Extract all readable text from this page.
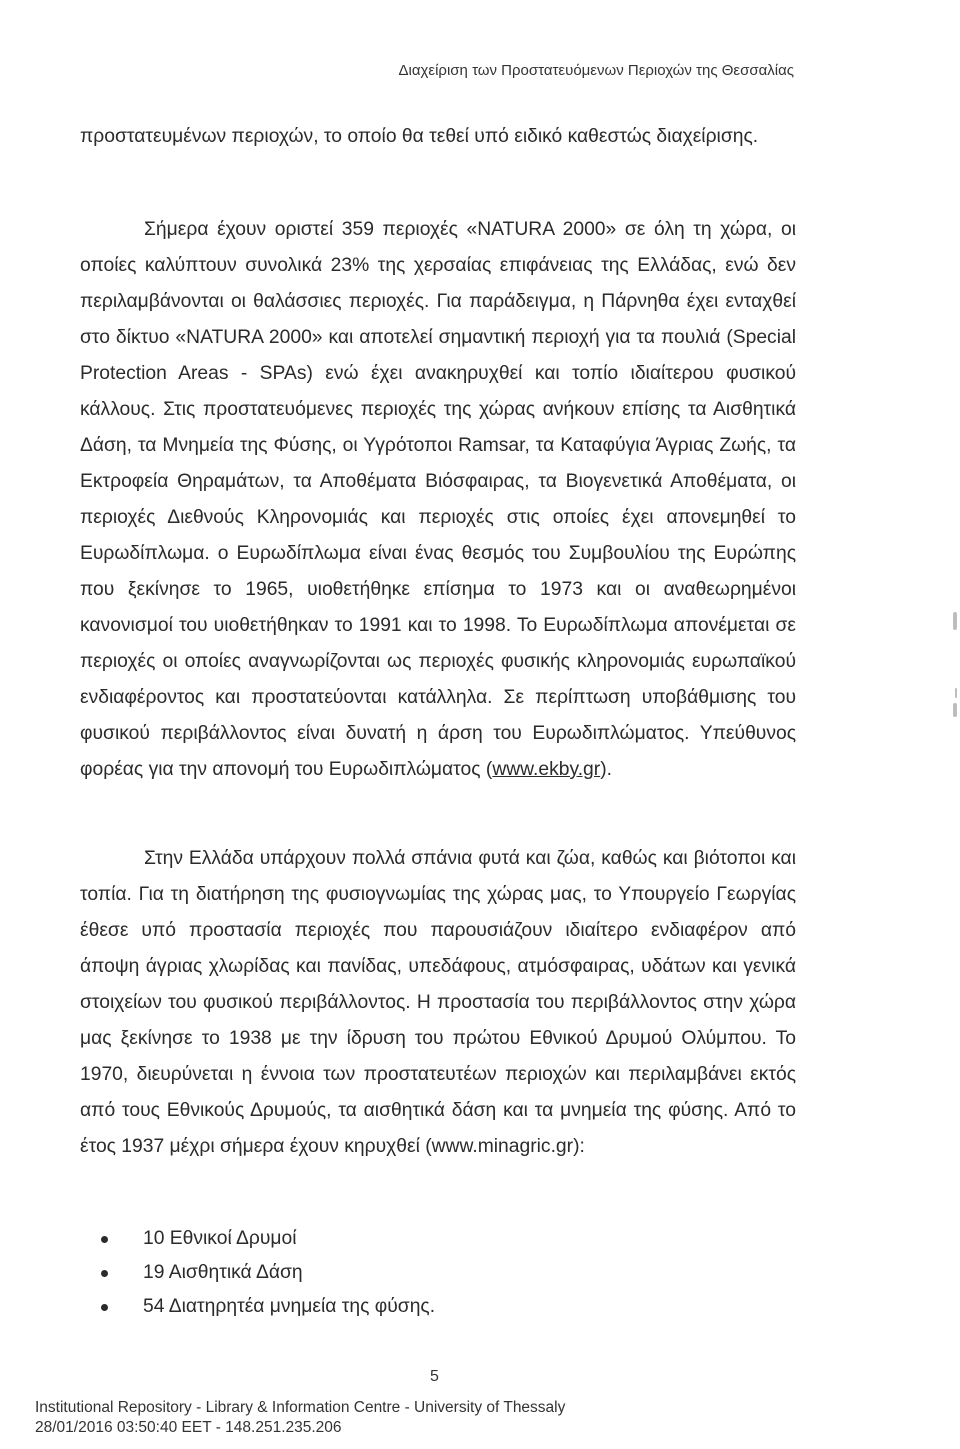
Διαχείριση των Προστατευόμενων Περιοχών της Θεσσαλίας

προστατευμένων περιοχών, το οποίο θα τεθεί υπό ειδικό καθεστώς διαχείρισης.

Σήμερα έχουν οριστεί 359 περιοχές «NATURA 2000» σε όλη τη χώρα, οι οποίες καλύπτουν συνολικά 23% της χερσαίας επιφάνειας της Ελλάδας, ενώ δεν περιλαμβάνονται οι θαλάσσιες περιοχές. Για παράδειγμα, η Πάρνηθα έχει ενταχθεί στο δίκτυο «NATURA 2000» και αποτελεί σημαντική περιοχή για τα πουλιά (Special Protection Areas - SPAs) ενώ έχει ανακηρυχθεί και τοπίο ιδιαίτερου φυσικού κάλλους. Στις προστατευόμενες περιοχές της χώρας ανήκουν επίσης τα Αισθητικά Δάση, τα Μνημεία της Φύσης, οι Υγρότοποι Ramsar, τα Καταφύγια Άγριας Ζωής, τα Εκτροφεία Θηραμάτων, τα Αποθέματα Βιόσφαιρας, τα Βιογενετικά Αποθέματα, οι περιοχές Διεθνούς Κληρονομιάς και περιοχές στις οποίες έχει απονεμηθεί το Ευρωδίπλωμα. ο Ευρωδίπλωμα είναι ένας θεσμός του Συμβουλίου της Ευρώπης που ξεκίνησε το 1965, υιοθετήθηκε επίσημα το 1973 και οι αναθεωρημένοι κανονισμοί του υιοθετήθηκαν το 1991 και το 1998. Το Ευρωδίπλωμα απονέμεται σε περιοχές οι οποίες αναγνωρίζονται ως περιοχές φυσικής κληρονομιάς ευρωπαϊκού ενδιαφέροντος και προστατεύονται κατάλληλα. Σε περίπτωση υποβάθμισης του φυσικού περιβάλλοντος είναι δυνατή η άρση του Ευρωδιπλώματος. Υπεύθυνος φορέας για την απονομή του Ευρωδιπλώματος (www.ekby.gr).

Στην Ελλάδα υπάρχουν πολλά σπάνια φυτά και ζώα, καθώς και βιότοποι και τοπία. Για τη διατήρηση της φυσιογνωμίας της χώρας μας, το Υπουργείο Γεωργίας έθεσε υπό προστασία περιοχές που παρουσιάζουν ιδιαίτερο ενδιαφέρον από άποψη άγριας χλωρίδας και πανίδας, υπεδάφους, ατμόσφαιρας, υδάτων και γενικά στοιχείων του φυσικού περιβάλλοντος. Η προστασία του περιβάλλοντος στην χώρα μας ξεκίνησε το 1938 με την ίδρυση του πρώτου Εθνικού Δρυμού Ολύμπου. Το 1970, διευρύνεται η έννοια των προστατευτέων περιοχών και περιλαμβάνει εκτός από τους Εθνικούς Δρυμούς, τα αισθητικά δάση και τα μνημεία της φύσης. Από το έτος 1937 μέχρι σήμερα έχουν κηρυχθεί (www.minagric.gr):

10 Εθνικοί Δρυμοί
19 Αισθητικά Δάση
54 Διατηρητέα μνημεία της φύσης.
5
Institutional Repository - Library & Information Centre - University of Thessaly
28/01/2016 03:50:40 EET - 148.251.235.206
